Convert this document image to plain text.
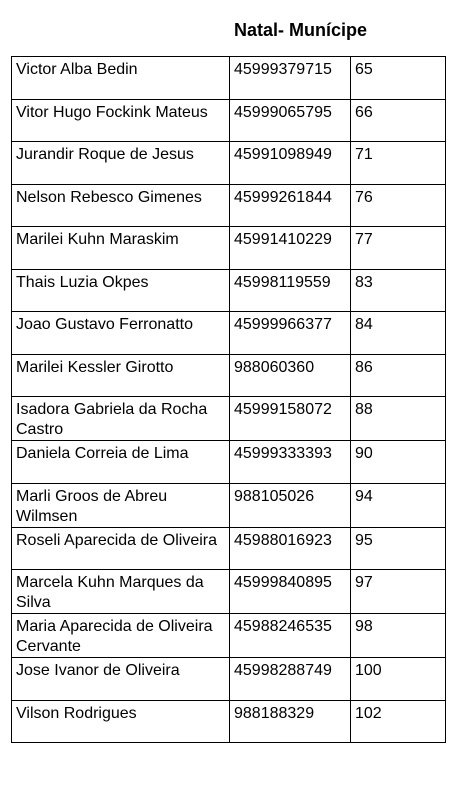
Natal- Munícipe
Victor Alba Bedin	45999379715	65
Vitor Hugo Fockink Mateus	45999065795	66
Jurandir Roque de Jesus	45991098949	71
Nelson Rebesco Gimenes	45999261844	76
Marilei Kuhn Maraskim	45991410229	77
Thais Luzia Okpes	45998119559	83
Joao Gustavo Ferronatto	45999966377	84
Marilei Kessler Girotto	988060360	86
Isadora Gabriela da Rocha Castro	45999158072	88
Daniela Correia de Lima	45999333393	90
Marli Groos de Abreu Wilmsen	988105026	94
Roseli Aparecida de Oliveira	45988016923	95
Marcela Kuhn Marques da Silva	45999840895	97
Maria Aparecida de Oliveira Cervante	45988246535	98
Jose Ivanor de Oliveira	45998288749	100
Vilson Rodrigues	988188329	102
